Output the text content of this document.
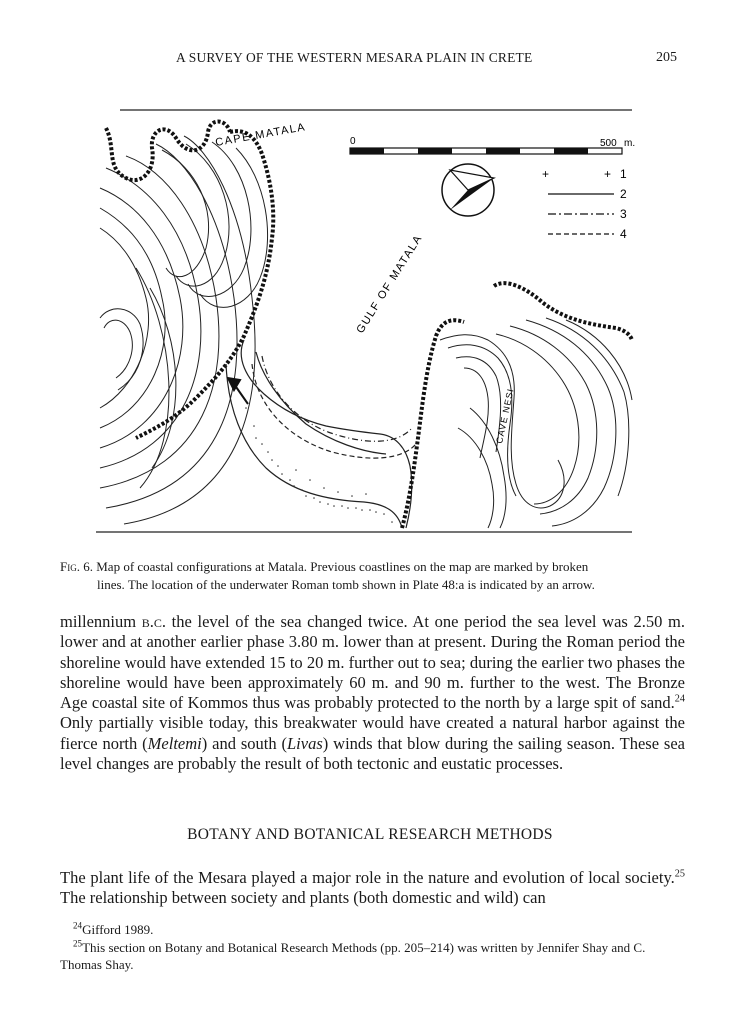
A SURVEY OF THE WESTERN MESARA PLAIN IN CRETE	205
0	500 m.
+	+ 1
2
3
4
CAPE MATALA
GULF OF MATALA
CAVE NESI
Fig. 6. Map of coastal configurations at Matala. Previous coastlines on the map are marked by broken
lines. The location of the underwater Roman tomb shown in Plate 48:a is indicated by an arrow.
millennium b.c. the level of the sea changed twice. At one period the sea level was 2.50 m. lower and at another earlier phase 3.80 m. lower than at present. During the Roman period the shoreline would have extended 15 to 20 m. further out to sea; during the earlier two phases the shoreline would have been approximately 60 m. and 90 m. further to the west. The Bronze Age coastal site of Kommos thus was probably protected to the north by a large spit of sand.$^{24}$ Only partially visible today, this breakwater would have created a natural harbor against the fierce north (Meltemi) and south (Livas) winds that blow during the sailing season. These sea level changes are probably the result of both tectonic and eustatic processes.
BOTANY AND BOTANICAL RESEARCH METHODS
The plant life of the Mesara played a major role in the nature and evolution of local society.$^{25}$ The relationship between society and plants (both domestic and wild) can
$^{24}$Gifford 1989.
$^{25}$This section on Botany and Botanical Research Methods (pp. 205–214) was written by Jennifer Shay and C. Thomas Shay.
